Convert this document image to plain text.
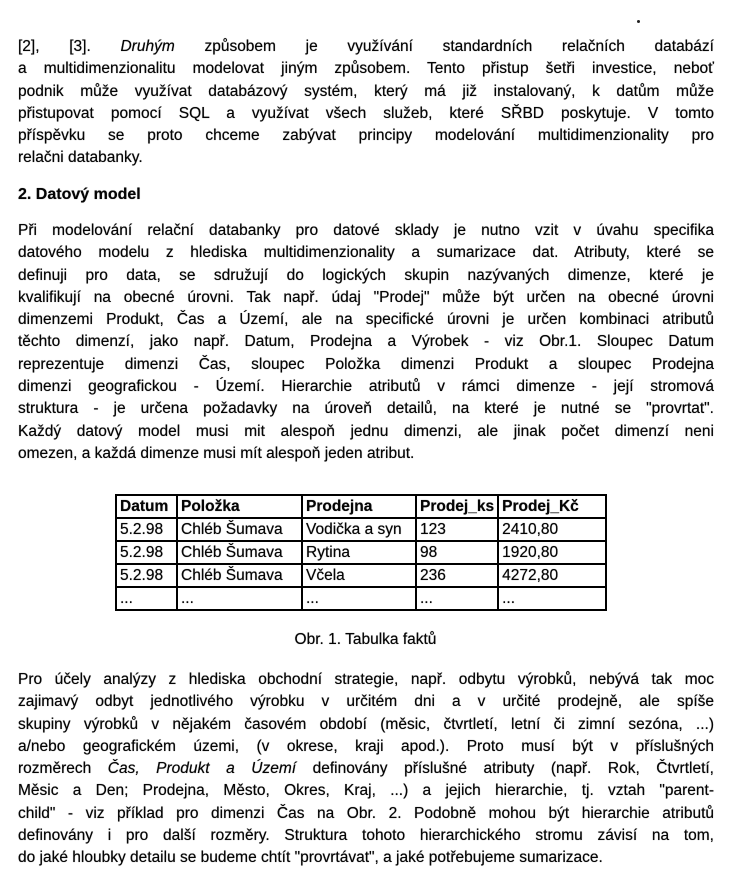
[2], [3]. Druhým způsobem je využívání standardních relačních databází
a multidimenzionalitu modelovat jiným způsobem. Tento přistup šetři investice, neboť
podnik může využívat databázový systém, který má již instalovaný, k datům může
přistupovat pomocí SQL a využívat všech služeb, které SŘBD poskytuje. V tomto
příspěvku se proto chceme zabývat principy modelování multidimenzionality pro
relačni databanky.
2. Datový model
Při modelování relační databanky pro datové sklady je nutno vzit v úvahu specifika
datového modelu z hlediska multidimenzionality a sumarizace dat. Atributy, které se
definuji pro data, se sdružují do logických skupin nazývaných dimenze, které je
kvalifikují na obecné úrovni. Tak např. údaj "Prodej" může být určen na obecné úrovni
dimenzemi Produkt, Čas a Území, ale na specifické úrovni je určen kombinaci atributů
těchto dimenzí, jako např. Datum, Prodejna a Výrobek - viz Obr.1. Sloupec Datum
reprezentuje dimenzi Čas, sloupec Položka dimenzi Produkt a sloupec Prodejna
dimenzi geografickou - Území. Hierarchie atributů v rámci dimenze - její stromová
struktura - je určena požadavky na úroveň detailů, na které je nutné se "provrtat".
Každý datový model musi mit alespoň jednu dimenzi, ale jinak počet dimenzí neni
omezen, a každá dimenze musi mít alespoň jeden atribut.
Datum	Položka	Prodejna	Prodej_ks	Prodej_Kč
5.2.98	Chléb Šumava	Vodička a syn	123	2410,80
5.2.98	Chléb Šumava	Rytina	98	1920,80
5.2.98	Chléb Šumava	Včela	236	4272,80
...	...	...	...	...
Obr. 1. Tabulka faktů
Pro účely analýzy z hlediska obchodní strategie, např. odbytu výrobků, nebývá tak moc
zajimavý odbyt jednotlivého výrobku v určitém dni a v určité prodejně, ale spíše
skupiny výrobků v nějakém časovém období (měsic, čtvrtletí, letní či zimní sezóna, ...)
a/nebo geografickém územi, (v okrese, kraji apod.). Proto musí být v příslušných
rozměrech Čas, Produkt a Území definovány příslušné atributy (např. Rok, Čtvrtletí,
Měsic a Den; Prodejna, Město, Okres, Kraj, ...) a jejich hierarchie, tj. vztah "parent-
child" - viz příklad pro dimenzi Čas na Obr. 2. Podobně mohou být hierarchie atributů
definovány i pro další rozměry. Struktura tohoto hierarchického stromu závisí na tom,
do jaké hloubky detailu se budeme chtít "provrtávat", a jaké potřebujeme sumarizace.
